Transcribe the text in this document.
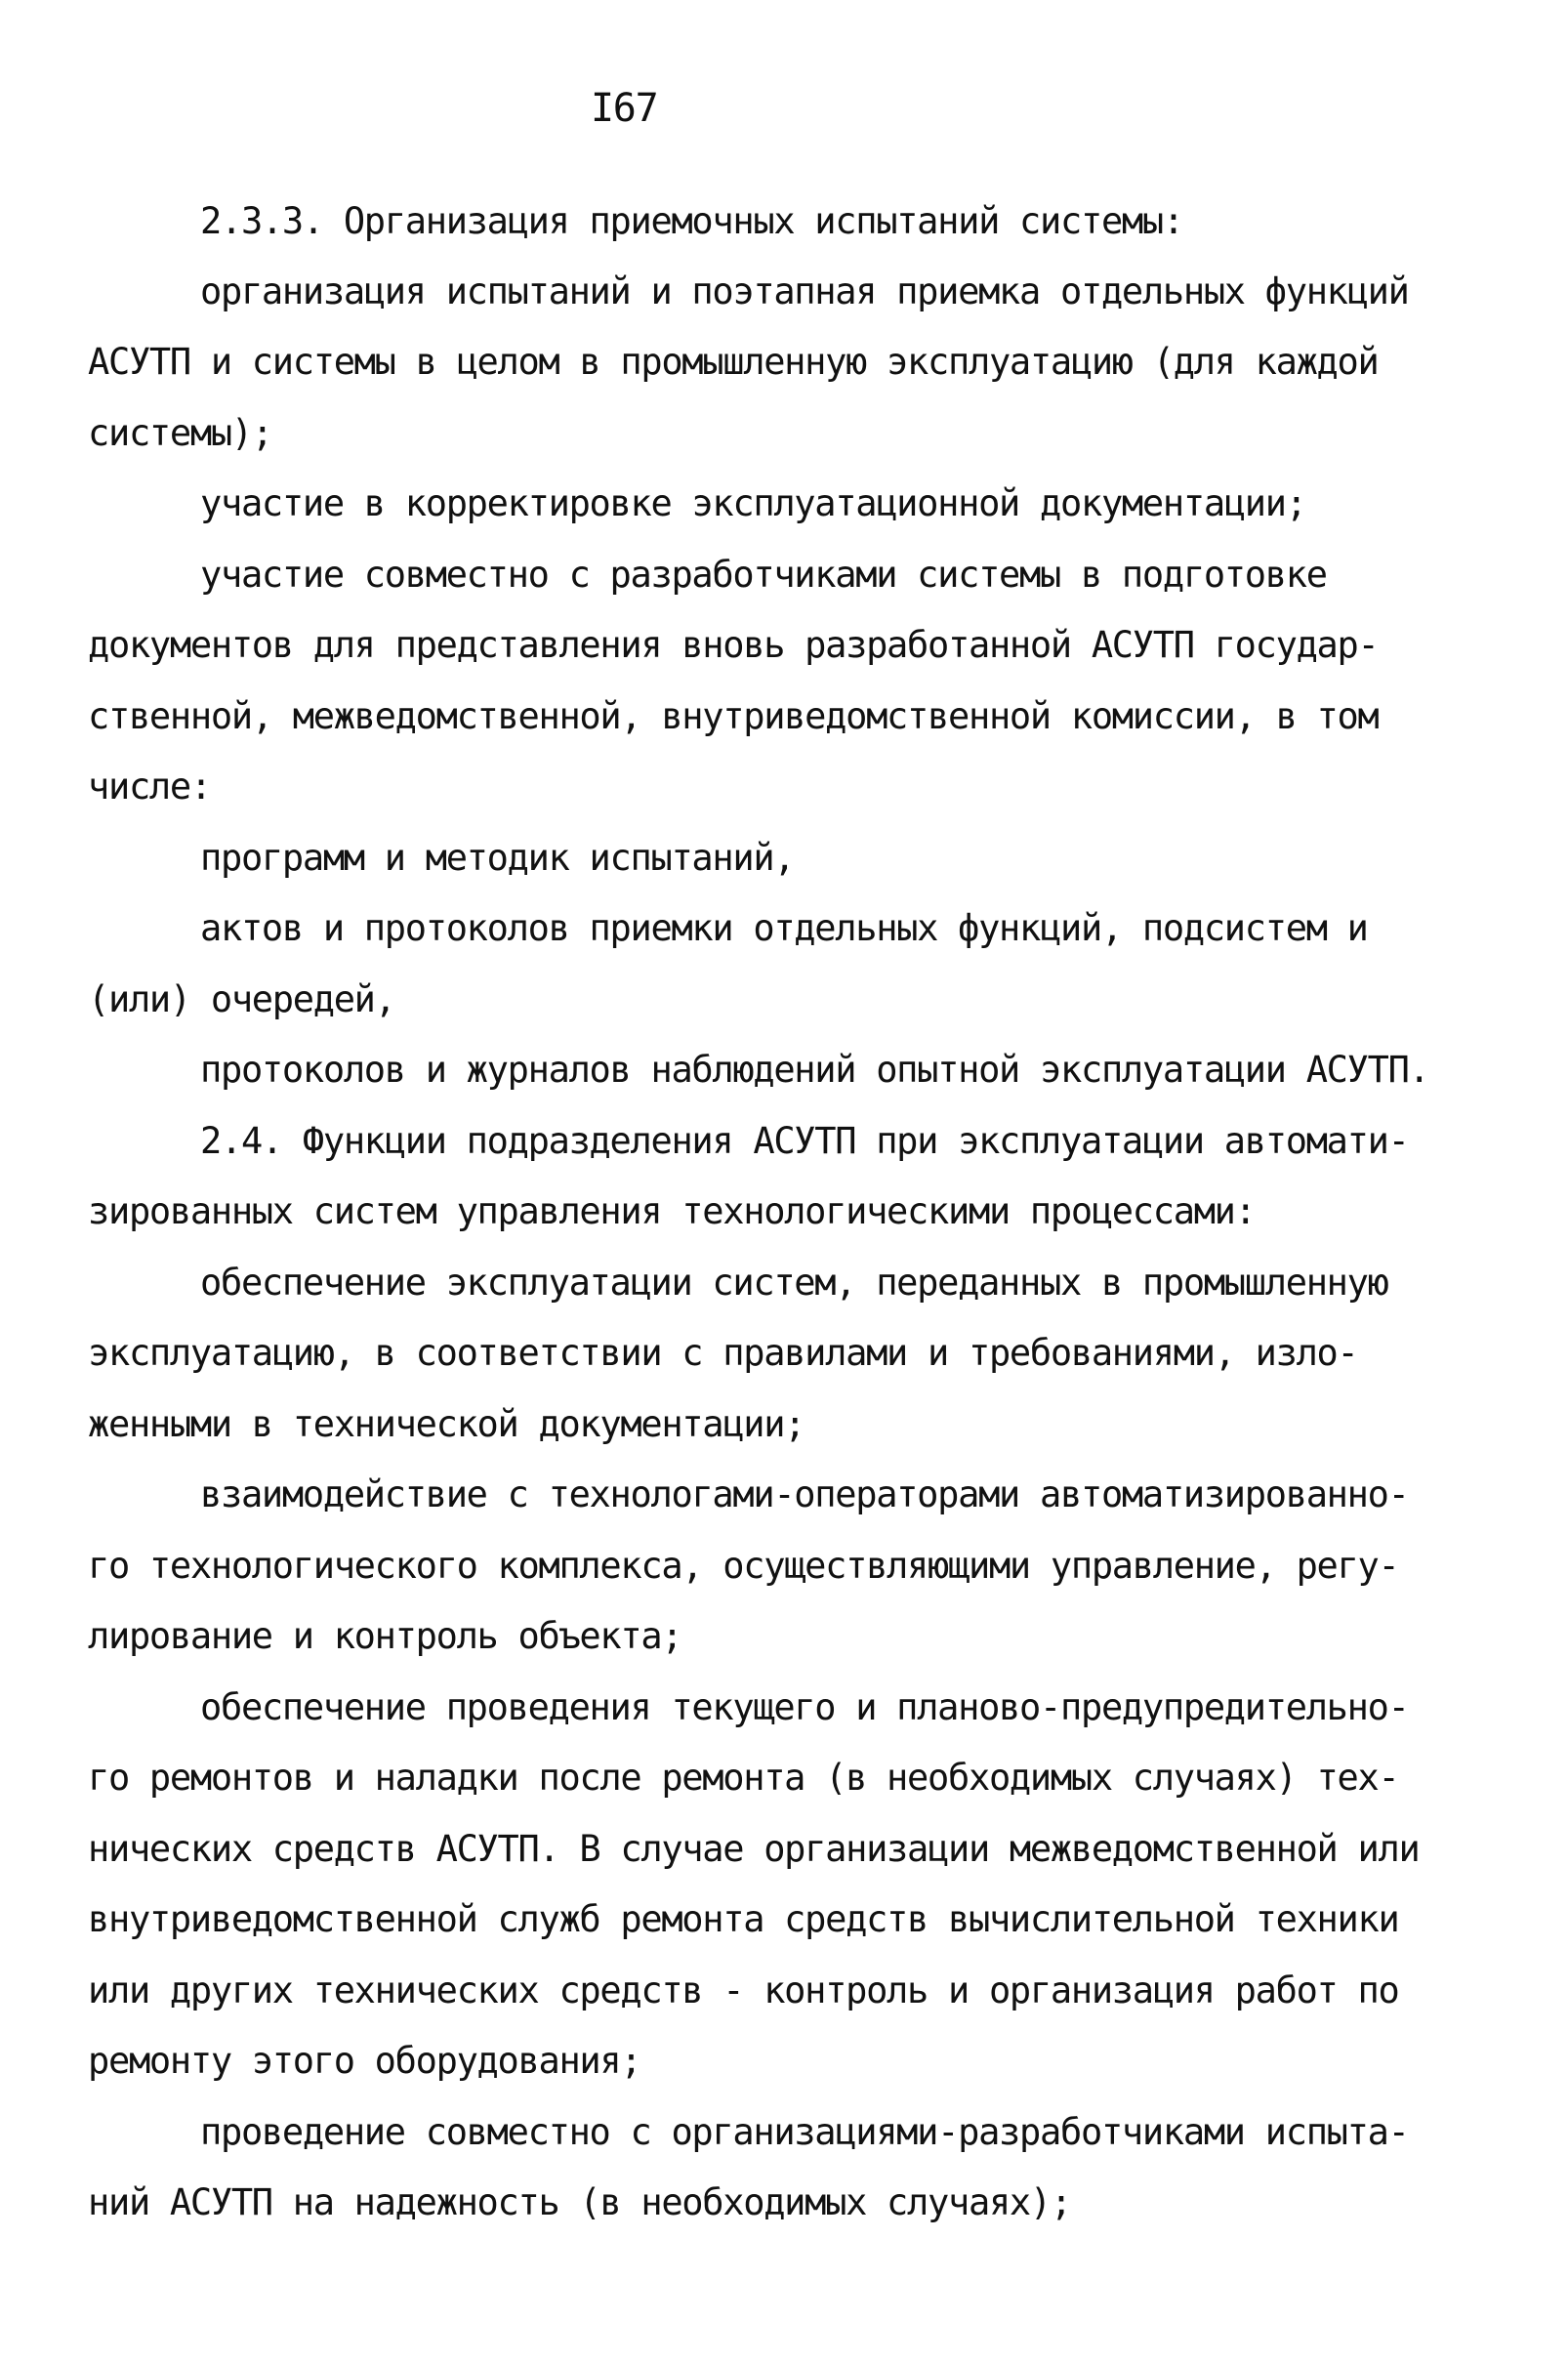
I67

2.3.3. Организация приемочных испытаний системы:

организация испытаний и поэтапная приемка отдельных функций

АСУТП и системы в целом в промышленную эксплуатацию (для каждой

системы);

участие в корректировке эксплуатационной документации;

участие совместно с разработчиками системы в подготовке

документов для представления вновь разработанной АСУТП государ-

ственной, межведомственной, внутриведомственной комиссии, в том

числе:

программ и методик испытаний,

актов и протоколов приемки отдельных функций, подсистем и

(или) очередей,

протоколов и журналов наблюдений опытной эксплуатации АСУТП.

2.4. Функции подразделения АСУТП при эксплуатации автомати-

зированных систем управления технологическими процессами:

обеспечение эксплуатации систем, переданных в промышленную

эксплуатацию, в соответствии с правилами и требованиями, изло-

женными в технической документации;

взаимодействие с технологами-операторами автоматизированно-

го технологического комплекса, осуществляющими управление, регу-

лирование и контроль объекта;

обеспечение проведения текущего и планово-предупредительно-

го ремонтов и наладки после ремонта (в необходимых случаях) тех-

нических средств АСУТП. В случае организации межведомственной или

внутриведомственной служб ремонта средств вычислительной техники

или других технических средств - контроль и организация работ по

ремонту этого оборудования;

проведение совместно с организациями-разработчиками испыта-

ний АСУТП на надежность (в необходимых случаях);
